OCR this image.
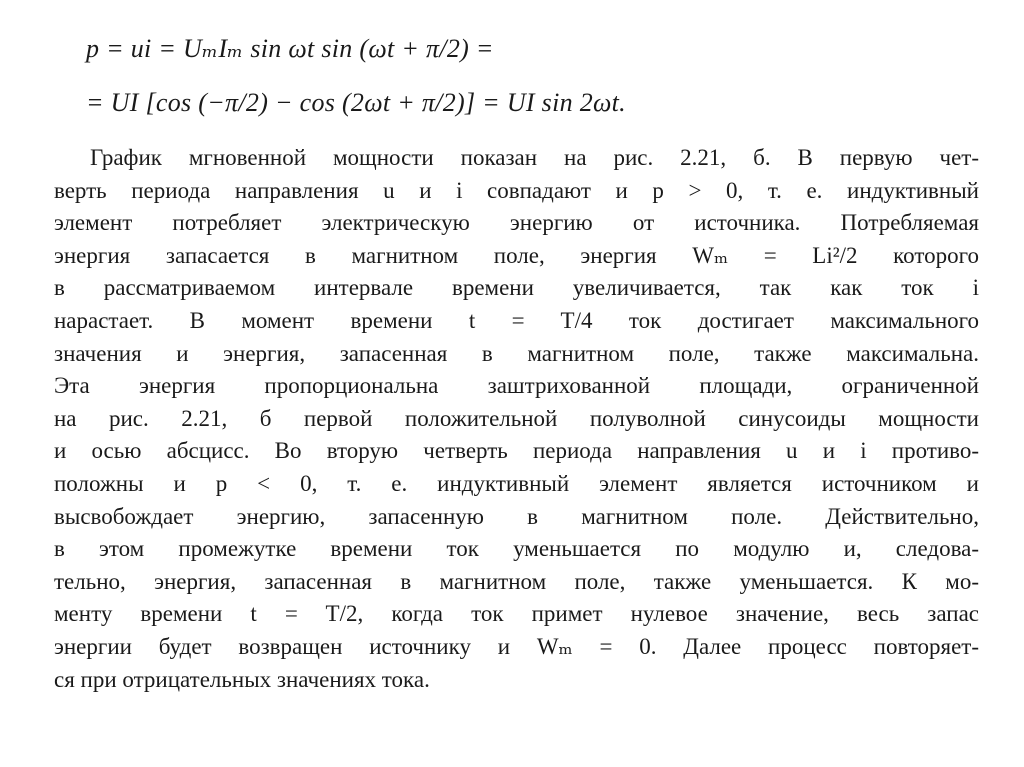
p = ui = UₘIₘ sin ωt sin (ωt + π/2) =
= UI [cos (−π/2) − cos (2ωt + π/2)] = UI sin 2ωt.
График мгновенной мощности показан на рис. 2.21, б. В первую чет-
верть периода направления u и i совпадают и p > 0, т. е. индуктивный
элемент потребляет электрическую энергию от источника. Потребляемая
энергия запасается в магнитном поле, энергия Wₘ = Li²/2 которого
в рассматриваемом интервале времени увеличивается, так как ток i
нарастает. В момент времени t = T/4 ток достигает максимального
значения и энергия, запасенная в магнитном поле, также максимальна.
Эта энергия пропорциональна заштрихованной площади, ограниченной
на рис. 2.21, б первой положительной полуволной синусоиды мощности
и осью абсцисс. Во вторую четверть периода направления u и i противо-
положны и p < 0, т. е. индуктивный элемент является источником и
высвобождает энергию, запасенную в магнитном поле. Действительно,
в этом промежутке времени ток уменьшается по модулю и, следова-
тельно, энергия, запасенная в магнитном поле, также уменьшается. К мо-
менту времени t = T/2, когда ток примет нулевое значение, весь запас
энергии будет возвращен источнику и Wₘ = 0. Далее процесс повторяет-
ся при отрицательных значениях тока.
